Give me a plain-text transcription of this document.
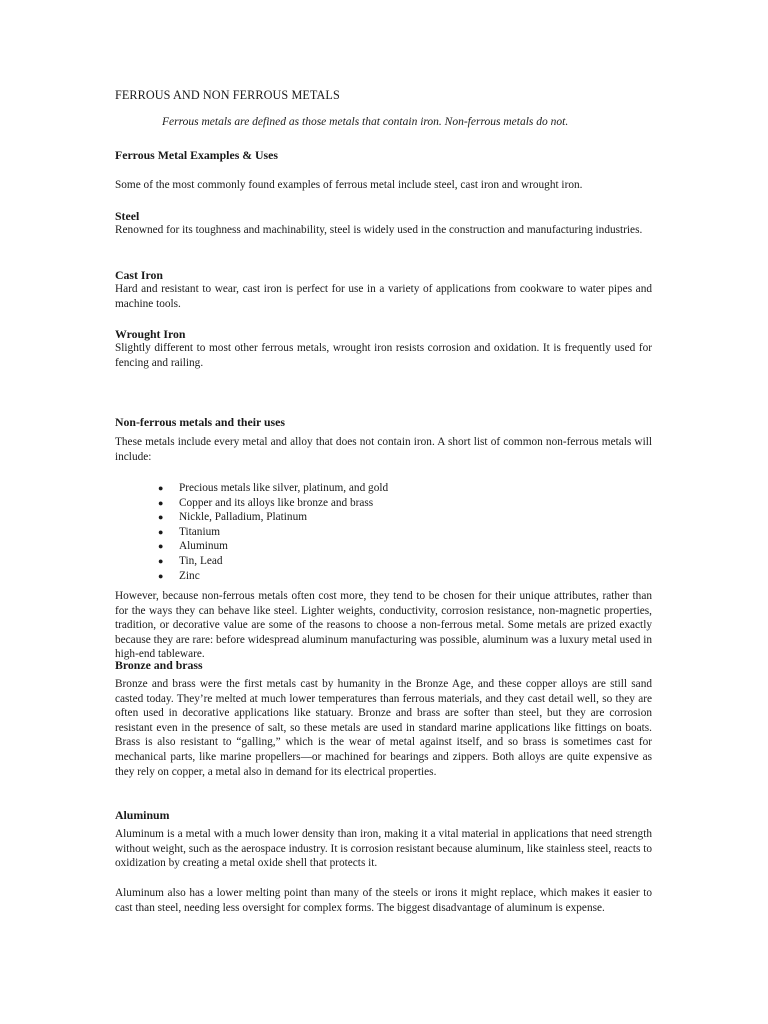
FERROUS AND NON FERROUS METALS

Ferrous metals are defined as those metals that contain iron. Non-ferrous metals do not.

Ferrous Metal Examples & Uses

Some of the most commonly found examples of ferrous metal include steel, cast iron and wrought iron.

Steel

Renowned for its toughness and machinability, steel is widely used in the construction and manufacturing industries.

Cast Iron

Hard and resistant to wear, cast iron is perfect for use in a variety of applications from cookware to water pipes and machine tools.

Wrought Iron

Slightly different to most other ferrous metals, wrought iron resists corrosion and oxidation. It is frequently used for fencing and railing.

Non-ferrous metals and their uses

These metals include every metal and alloy that does not contain iron. A short list of common non-ferrous metals will include:

● Precious metals like silver, platinum, and gold
● Copper and its alloys like bronze and brass
● Nickle, Palladium, Platinum
● Titanium
● Aluminum
● Tin, Lead
● Zinc

However, because non-ferrous metals often cost more, they tend to be chosen for their unique attributes, rather than for the ways they can behave like steel. Lighter weights, conductivity, corrosion resistance, non-magnetic properties, tradition, or decorative value are some of the reasons to choose a non-ferrous metal. Some metals are prized exactly because they are rare: before widespread aluminum manufacturing was possible, aluminum was a luxury metal used in high-end tableware.

Bronze and brass

Bronze and brass were the first metals cast by humanity in the Bronze Age, and these copper alloys are still sand casted today. They’re melted at much lower temperatures than ferrous materials, and they cast detail well, so they are often used in decorative applications like statuary. Bronze and brass are softer than steel, but they are corrosion resistant even in the presence of salt, so these metals are used in standard marine applications like fittings on boats. Brass is also resistant to “galling,” which is the wear of metal against itself, and so brass is sometimes cast for mechanical parts, like marine propellers—or machined for bearings and zippers. Both alloys are quite expensive as they rely on copper, a metal also in demand for its electrical properties.

Aluminum

Aluminum is a metal with a much lower density than iron, making it a vital material in applications that need strength without weight, such as the aerospace industry. It is corrosion resistant because aluminum, like stainless steel, reacts to oxidization by creating a metal oxide shell that protects it.

Aluminum also has a lower melting point than many of the steels or irons it might replace, which makes it easier to cast than steel, needing less oversight for complex forms. The biggest disadvantage of aluminum is expense.
